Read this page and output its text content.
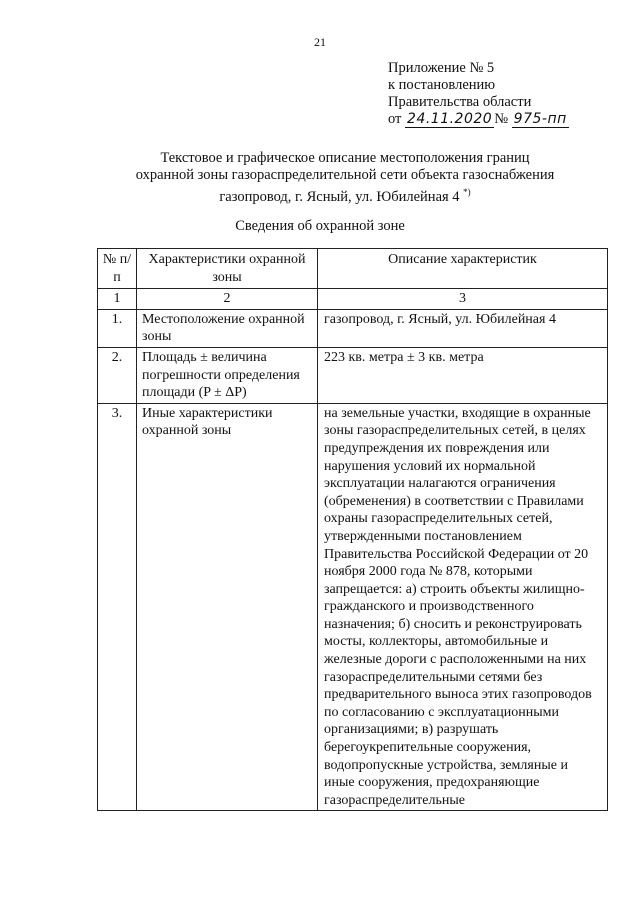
21
Приложение № 5
к постановлению
Правительства области
от 24.11.2020 № 975-пп
Текстовое и графическое описание местоположения границ
охранной зоны газораспределительной сети объекта газоснабжения
газопровод, г. Ясный, ул. Юбилейная 4 *)
Сведения об охранной зоне
№ п/п	Характеристики охранной зоны	Описание характеристик
1	2	3
1.	Местоположение охранной зоны	газопровод, г. Ясный, ул. Юбилейная 4
2.	Площадь ± величина погрешности определения площади (P ± ΔP)	223 кв. метра ± 3 кв. метра
3.	Иные характеристики охранной зоны	на земельные участки, входящие в охранные зоны газораспределительных сетей, в целях предупреждения их повреждения или нарушения условий их нормальной эксплуатации налагаются ограничения (обременения) в соответствии с Правилами охраны газораспределительных сетей, утвержденными постановлением Правительства Российской Федерации от 20 ноября 2000 года № 878, которыми запрещается: а) строить объекты жилищно-гражданского и производственного назначения; б) сносить и реконструировать мосты, коллекторы, автомобильные и железные дороги с расположенными на них газораспределительными сетями без предварительного выноса этих газопроводов по согласованию с эксплуатационными организациями; в) разрушать берегоукрепительные сооружения, водопропускные устройства, земляные и иные сооружения, предохраняющие газораспределительные
